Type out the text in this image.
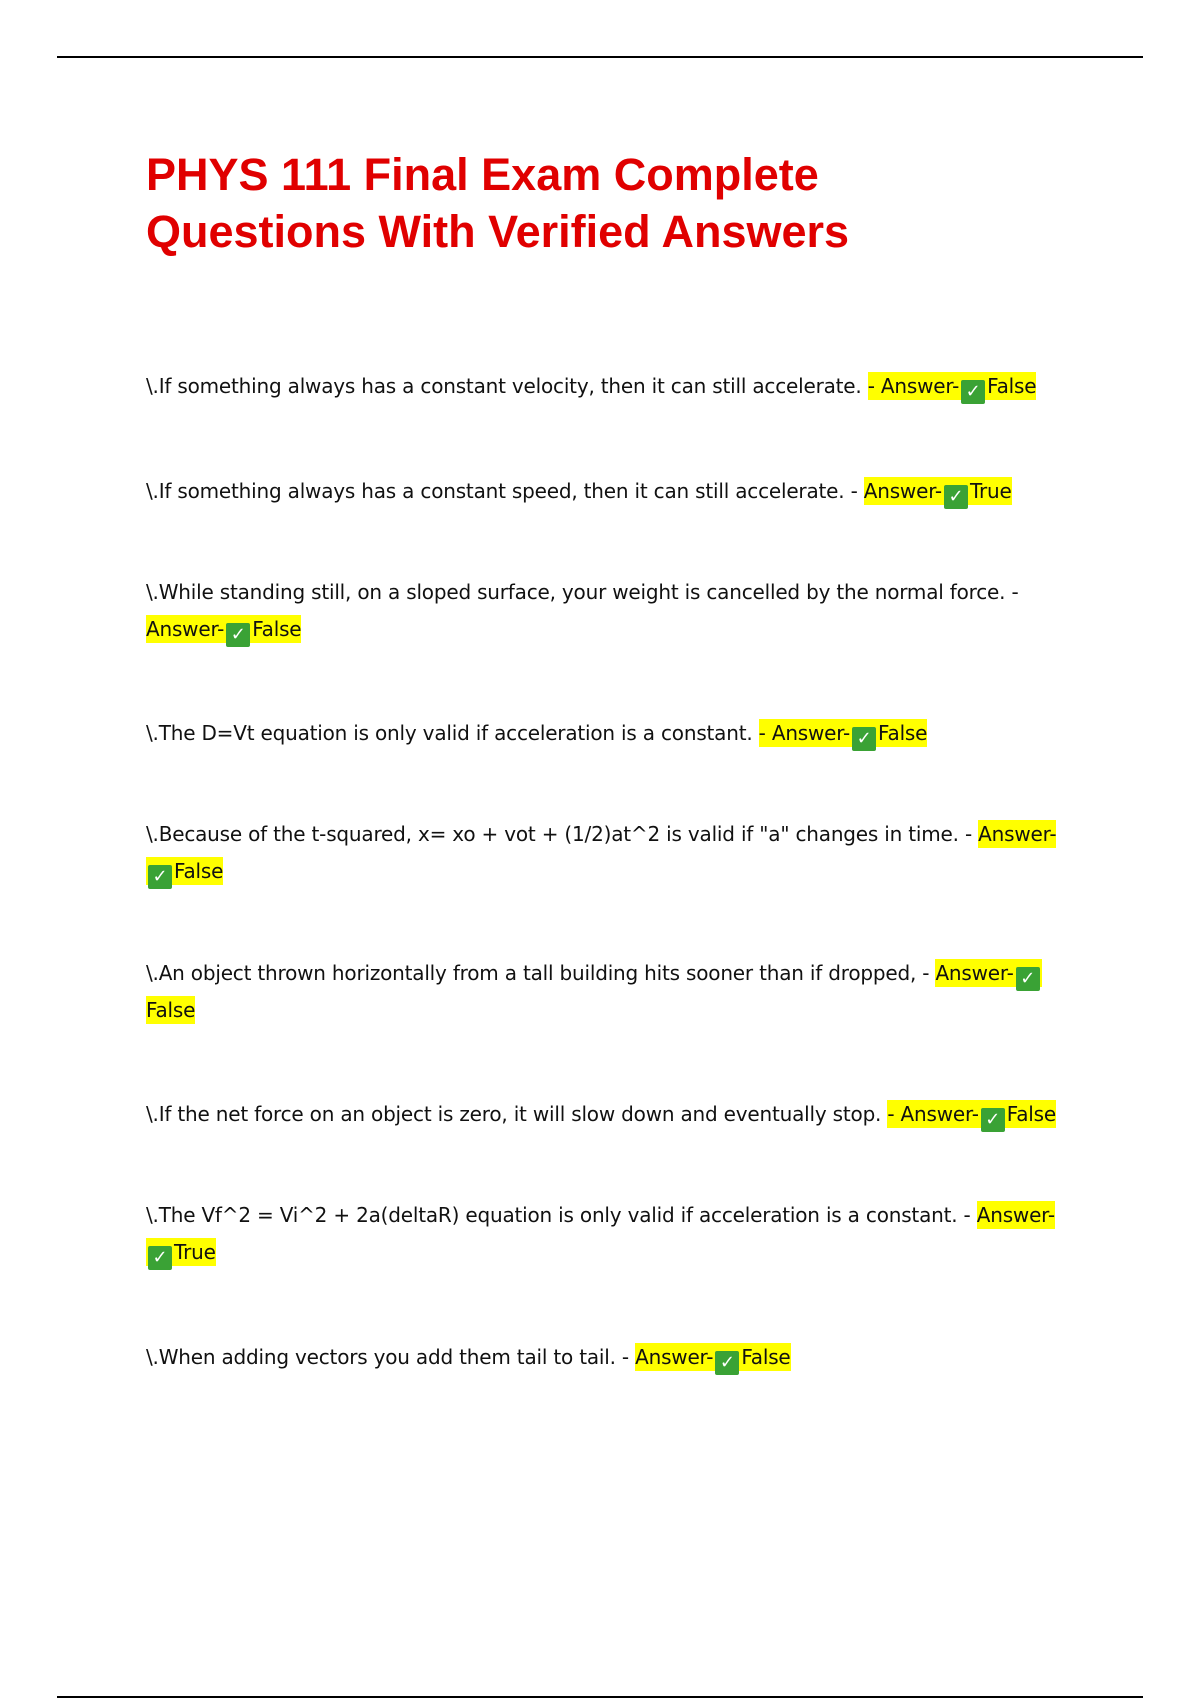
PHYS 111 Final Exam Complete
Questions With Verified Answers

\.If something always has a constant velocity, then it can still accelerate. - Answer- ✓ False

\.If something always has a constant speed, then it can still accelerate. - Answer- ✓ True

\.While standing still, on a sloped surface, your weight is cancelled by the normal force. - Answer- ✓ False

\.The D=Vt equation is only valid if acceleration is a constant. - Answer- ✓ False

\.Because of the t-squared, x= xo + vot + (1/2)at^2 is valid if "a" changes in time. - Answer-✓ False

\.An object thrown horizontally from a tall building hits sooner than if dropped, - Answer- ✓False

\.If the net force on an object is zero, it will slow down and eventually stop. - Answer- ✓ False

\.The Vf^2 = Vi^2 + 2a(deltaR) equation is only valid if acceleration is a constant. - Answer-✓ True

\.When adding vectors you add them tail to tail. - Answer- ✓ False
